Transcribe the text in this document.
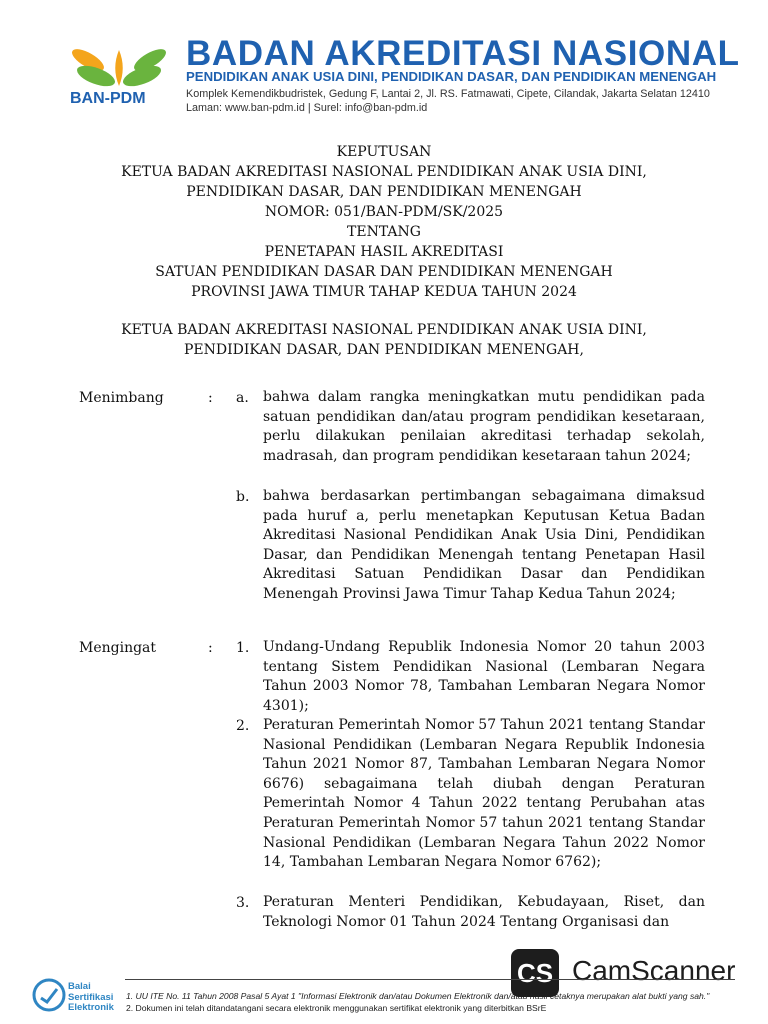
BAN-PDM
BADAN AKREDITASI NASIONAL
PENDIDIKAN ANAK USIA DINI, PENDIDIKAN DASAR, DAN PENDIDIKAN MENENGAH
Komplek Kemendikbudristek, Gedung F, Lantai 2, Jl. RS. Fatmawati, Cipete, Cilandak, Jakarta Selatan 12410
Laman: www.ban-pdm.id | Surel: info@ban-pdm.id
KEPUTUSAN
KETUA BADAN AKREDITASI NASIONAL PENDIDIKAN ANAK USIA DINI,
PENDIDIKAN DASAR, DAN PENDIDIKAN MENENGAH
NOMOR: 051/BAN-PDM/SK/2025
TENTANG
PENETAPAN HASIL AKREDITASI
SATUAN PENDIDIKAN DASAR DAN PENDIDIKAN MENENGAH
PROVINSI JAWA TIMUR TAHAP KEDUA TAHUN 2024
KETUA BADAN AKREDITASI NASIONAL PENDIDIKAN ANAK USIA DINI,
PENDIDIKAN DASAR, DAN PENDIDIKAN MENENGAH,
Menimbang	: a. bahwa dalam rangka meningkatkan mutu pendidikan pada satuan pendidikan dan/atau program pendidikan kesetaraan, perlu dilakukan penilaian akreditasi terhadap sekolah, madrasah, dan program pendidikan kesetaraan tahun 2024;
b. bahwa berdasarkan pertimbangan sebagaimana dimaksud pada huruf a, perlu menetapkan Keputusan Ketua Badan Akreditasi Nasional Pendidikan Anak Usia Dini, Pendidikan Dasar, dan Pendidikan Menengah tentang Penetapan Hasil Akreditasi Satuan Pendidikan Dasar dan Pendidikan Menengah Provinsi Jawa Timur Tahap Kedua Tahun 2024;
Mengingat	: 1. Undang-Undang Republik Indonesia Nomor 20 tahun 2003 tentang Sistem Pendidikan Nasional (Lembaran Negara Tahun 2003 Nomor 78, Tambahan Lembaran Negara Nomor 4301);
2. Peraturan Pemerintah Nomor 57 Tahun 2021 tentang Standar Nasional Pendidikan (Lembaran Negara Republik Indonesia Tahun 2021 Nomor 87, Tambahan Lembaran Negara Nomor 6676) sebagaimana telah diubah dengan Peraturan Pemerintah Nomor 4 Tahun 2022 tentang Perubahan atas Peraturan Pemerintah Nomor 57 tahun 2021 tentang Standar Nasional Pendidikan (Lembaran Negara Tahun 2022 Nomor 14, Tambahan Lembaran Negara Nomor 6762);
3. Peraturan Menteri Pendidikan, Kebudayaan, Riset, dan Teknologi Nomor 01 Tahun 2024 Tentang Organisasi dan
CS CamScanner
Balai
Sertifikasi
Elektronik
1. UU ITE No. 11 Tahun 2008 Pasal 5 Ayat 1 "Informasi Elektronik dan/atau Dokumen Elektronik dan/atau hasil cetaknya merupakan alat bukti yang sah."
2. Dokumen ini telah ditandatangani secara elektronik menggunakan sertifikat elektronik yang diterbitkan BSrE
